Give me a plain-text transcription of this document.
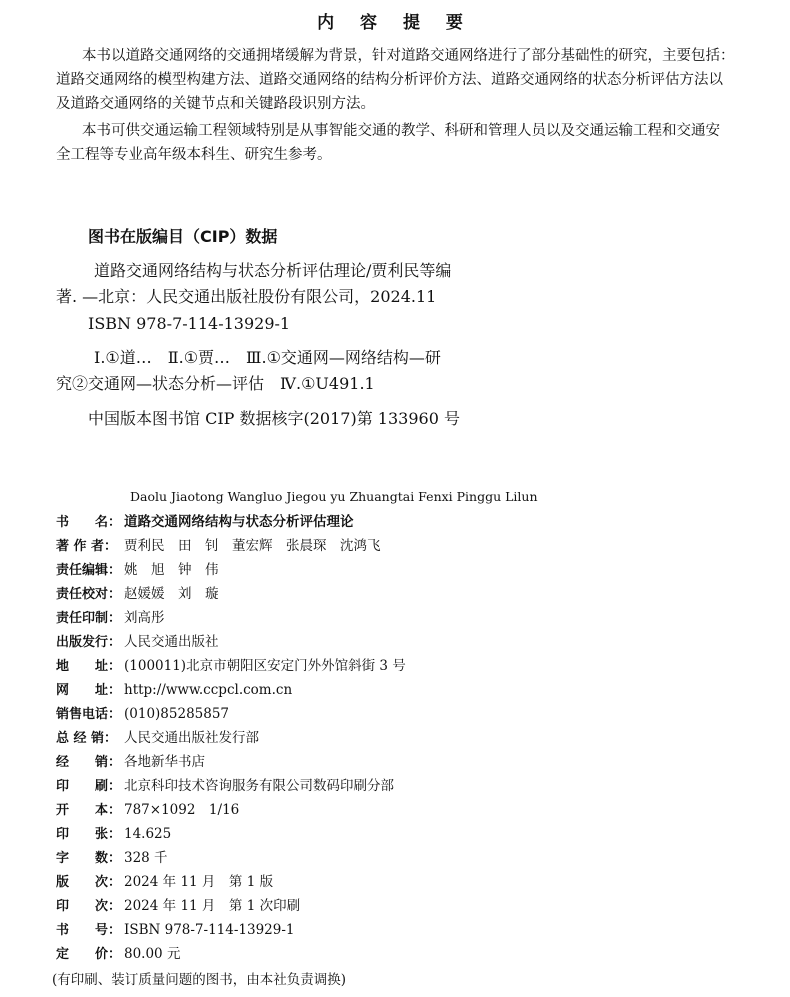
内 容 提 要
本书以道路交通网络的交通拥堵缓解为背景，针对道路交通网络进行了部分基础性的研究，主要包括：
道路交通网络的模型构建方法、道路交通网络的结构分析评价方法、道路交通网络的状态分析评估方法以
及道路交通网络的关键节点和关键路段识别方法。
本书可供交通运输工程领域特别是从事智能交通的教学、科研和管理人员以及交通运输工程和交通安
全工程等专业高年级本科生、研究生参考。
图书在版编目（CIP）数据
道路交通网络结构与状态分析评估理论/贾利民等编
著. —北京：人民交通出版社股份有限公司，2024.11
ISBN 978-7-114-13929-1
Ⅰ.①道…　Ⅱ.①贾…　Ⅲ.①交通网—网络结构—研
究②交通网—状态分析—评估　Ⅳ.①U491.1
中国版本图书馆 CIP 数据核字(2017)第 133960 号
Daolu Jiaotong Wangluo Jiegou yu Zhuangtai Fenxi Pinggu Lilun
书　　名： 道路交通网络结构与状态分析评估理论
著 作 者： 贾利民　田　钊　董宏辉　张晨琛　沈鸿飞
责任编辑： 姚　旭　钟　伟
责任校对： 赵媛媛　刘　璇
责任印制： 刘高彤
出版发行： 人民交通出版社
地　　址： (100011)北京市朝阳区安定门外外馆斜街 3 号
网　　址： http://www.ccpcl.com.cn
销售电话： (010)85285857
总 经 销： 人民交通出版社发行部
经　　销： 各地新华书店
印　　刷： 北京科印技术咨询服务有限公司数码印刷分部
开　　本： 787×1092　1/16
印　　张： 14.625
字　　数： 328 千
版　　次： 2024 年 11 月　第 1 版
印　　次： 2024 年 11 月　第 1 次印刷
书　　号： ISBN 978-7-114-13929-1
定　　价： 80.00 元
(有印刷、装订质量问题的图书，由本社负责调换)
